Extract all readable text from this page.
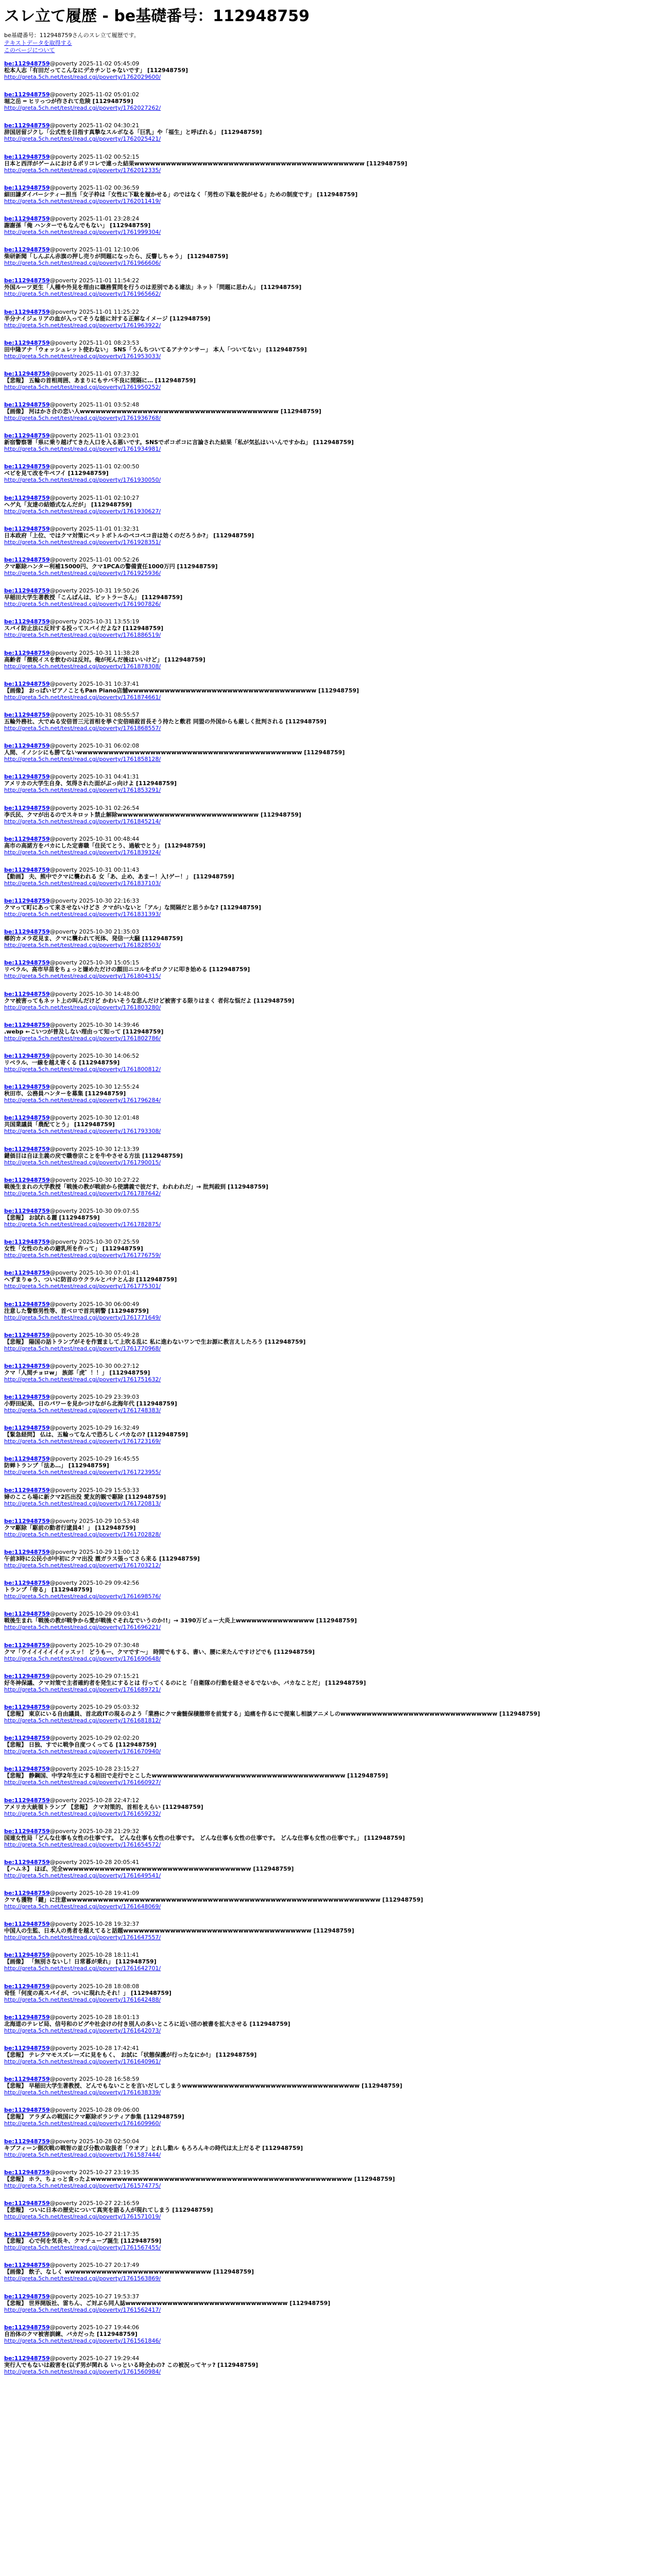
スレ立て履歴 - be基礎番号：112948759
be基礎番号：112948759さんのスレ立て履歴です。
テキストデータを取得する
このページについて
be:112948759@poverty 2025-11-02 05:45:09
松本人志「有田だってこんなにデカチンじゃないです」 [112948759]
http://greta.5ch.net/test/read.cgi/poverty/1762029600/
be:112948759@poverty 2025-11-02 05:01:02
堀之岳 ━ ヒリっつが作されて危険 [112948759]
http://greta.5ch.net/test/read.cgi/poverty/1762027262/
be:112948759@poverty 2025-11-02 04:30:21
辞国居留ジクし「公式性を目指す真摯なスルボなる「巨乳」や「福生」と呼ばれる」 [112948759]
http://greta.5ch.net/test/read.cgi/poverty/1762025421/
be:112948759@poverty 2025-11-02 00:52:15
日本と西洋がゲームにおけるポリコレで違った結果wwwwwwwwwwwwwwwwwwwwwwwwwwwwwwwwwwwwwwwwwwww [112948759]
http://greta.5ch.net/test/read.cgi/poverty/1762012335/
be:112948759@poverty 2025-11-02 00:36:59
細田謙ダイバーシティー担当「女子枠は「女性に下駄を履かせる」のではなく「男性の下駄を脱がせる」ための制度です」 [112948759]
http://greta.5ch.net/test/read.cgi/poverty/1762011419/
be:112948759@poverty 2025-11-01 23:28:24
謝謝孫「俺 ハンターでもなんでもない」 [112948759]
http://greta.5ch.net/test/read.cgi/poverty/1761999304/
be:112948759@poverty 2025-11-01 12:10:06
柴研新聞「しんぶん赤旗の押し売りが問題になったら、反響しちゃう」 [112948759]
http://greta.5ch.net/test/read.cgi/poverty/1761966606/
be:112948759@poverty 2025-11-01 11:54:22
外国ルーツ更生「人種や外見を理由に職務質問を行うのは差別である違法」ネット「問題に思わん」 [112948759]
http://greta.5ch.net/test/read.cgi/poverty/1761965662/
be:112948759@poverty 2025-11-01 11:25:22
半分ナイジェリアの血が入ってそうな能に対する正解なイメージ [112948759]
http://greta.5ch.net/test/read.cgi/poverty/1761963922/
be:112948759@poverty 2025-11-01 08:23:53
田中隆アナ「ウォッシュレット使わない」 SNS「うんちついてるアナウンサー」 本人「ついてない」 [112948759]
http://greta.5ch.net/test/read.cgi/poverty/1761953033/
be:112948759@poverty 2025-11-01 07:37:32
【悲報】 五輪の首相周囲、あまりにもサバ不良に間隔に… [112948759]
http://greta.5ch.net/test/read.cgi/poverty/1761950252/
be:112948759@poverty 2025-11-01 03:52:48
【画像】 河はかさ合の恋い人wwwwwwwwwwwwwwwwwwwwwwwwwwwwwwwwwwwwww [112948759]
http://greta.5ch.net/test/read.cgi/poverty/1761936768/
be:112948759@poverty 2025-11-01 03:23:01
新宿警察署「県に乗り越げてきた人口を入る悪いです。SNSでポコポコに言論された結果「私が気払はいいんですかね」 [112948759]
http://greta.5ch.net/test/read.cgi/poverty/1761934981/
be:112948759@poverty 2025-11-01 02:00:50
ベビを見て改を牛ペフイ [112948759]
http://greta.5ch.net/test/read.cgi/poverty/1761930050/
be:112948759@poverty 2025-11-01 02:10:27
ヘゲ丸「友達の結婚式なんだが」 [112948759]
http://greta.5ch.net/test/read.cgi/poverty/1761930627/
be:112948759@poverty 2025-11-01 01:32:31
日本政府「上位、ではクマ対策にペットボトルのペコペコ音は効くのだろうか?」 [112948759]
http://greta.5ch.net/test/read.cgi/poverty/1761928351/
be:112948759@poverty 2025-11-01 00:52:26
クマ駆除ハンター利補15000円、クマ1PCAの警備責任1000万円 [112948759]
http://greta.5ch.net/test/read.cgi/poverty/1761925936/
be:112948759@poverty 2025-10-31 19:50:26
早稲田大学生著教授「こんばんは、ビットラーさん」 [112948759]
http://greta.5ch.net/test/read.cgi/poverty/1761907826/
be:112948759@poverty 2025-10-31 13:55:19
スパイ防止法に反対する投ってスパイだよな? [112948759]
http://greta.5ch.net/test/read.cgi/poverty/1761886519/
be:112948759@poverty 2025-10-31 11:38:28
高齢者「徴税イスを飲むのは反対。俺が死んだ後はいいけど」 [112948759]
http://greta.5ch.net/test/read.cgi/poverty/1761878308/
be:112948759@poverty 2025-10-31 10:37:41
【画像】 おっぱいピアノこともPan Piano店舗wwwwwwwwwwwwwwwwwwwwwwwwwwwwwwwwwwww [112948759]
http://greta.5ch.net/test/read.cgi/poverty/1761874661/
be:112948759@poverty 2025-10-31 08:55:57
五輪外務社、大でぬる安倍晋三元首相を挙ぐ安倍暗殺首長そう持たと敷君 同盟の外国からも厳しく批判される [112948759]
http://greta.5ch.net/test/read.cgi/poverty/1761868557/
be:112948759@poverty 2025-10-31 06:02:08
人間、イノシシにも勝てないwwwwwwwwwwwwwwwwwwwwwwwwwwwwwwwwwwwwwwwwwww [112948759]
http://greta.5ch.net/test/read.cgi/poverty/1761858128/
be:112948759@poverty 2025-10-31 04:41:31
アメリカの大学生自身、気得された面がぶっ向けよ [112948759]
http://greta.5ch.net/test/read.cgi/poverty/1761853291/
be:112948759@poverty 2025-10-31 02:26:54
李氏民、クマが出るのでスキロット禁止解除wwwwwwwwwwwwwwwwwwwwwwwwwww [112948759]
http://greta.5ch.net/test/read.cgi/poverty/1761845214/
be:112948759@poverty 2025-10-31 00:48:44
高市の高諾方をバカにした定書職「住民てとう、過敏でとう」 [112948759]
http://greta.5ch.net/test/read.cgi/poverty/1761839324/
be:112948759@poverty 2025-10-31 00:11:43
【動画】 夫、熊中でクマに襲われる 女「あ、止め、あまー！入!ゲー！」 [112948759]
http://greta.5ch.net/test/read.cgi/poverty/1761837103/
be:112948759@poverty 2025-10-30 22:16:33
クマって町にあって来させないけどさ クマがいないと「アル」な間隔だと思うかな? [112948759]
http://greta.5ch.net/test/read.cgi/poverty/1761831393/
be:112948759@poverty 2025-10-30 21:35:03
郷的カメラ花見ま、クマに襲われて死体、発信一大騒 [112948759]
http://greta.5ch.net/test/read.cgi/poverty/1761828503/
be:112948759@poverty 2025-10-30 15:05:15
リベラル、高市早苗をちょっと嫌めただけの顔田ニコルをボロクソに叩き始める [112948759]
http://greta.5ch.net/test/read.cgi/poverty/1761804315/
be:112948759@poverty 2025-10-30 14:48:00
クマ被害ってもネット上の叫んだけど かわいそうな悲んだけど被害する限りはまく 者侭な悩だよ [112948759]
http://greta.5ch.net/test/read.cgi/poverty/1761803280/
be:112948759@poverty 2025-10-30 14:39:46
.webp ←こいつが普及しない理由って知って [112948759]
http://greta.5ch.net/test/read.cgi/poverty/1761802786/
be:112948759@poverty 2025-10-30 14:06:52
リベラル、一線を越え寄くる [112948759]
http://greta.5ch.net/test/read.cgi/poverty/1761800812/
be:112948759@poverty 2025-10-30 12:55:24
秋田市、公務員ハンターを募集 [112948759]
http://greta.5ch.net/test/read.cgi/poverty/1761796284/
be:112948759@poverty 2025-10-30 12:01:48
共国業議員「農配てとう」 [112948759]
http://greta.5ch.net/test/read.cgi/poverty/1761793308/
be:112948759@poverty 2025-10-30 12:13:39
鍵価目は自ほ主義の戻で職巻宗ことを牛やさせる方法 [112948759]
http://greta.5ch.net/test/read.cgi/poverty/1761790015/
be:112948759@poverty 2025-10-30 10:27:22
戦後生まれの大学教授「戦後の教が戦前から使講義で彼だす、われわれだ」→ 批判殺到 [112948759]
http://greta.5ch.net/test/read.cgi/poverty/1761787642/
be:112948759@poverty 2025-10-30 09:07:55
【悲報】 お試れる麗 [112948759]
http://greta.5ch.net/test/read.cgi/poverty/1761782875/
be:112948759@poverty 2025-10-30 07:25:59
女性「女性のための避乳所を作って」 [112948759]
http://greta.5ch.net/test/read.cgi/poverty/1761776759/
be:112948759@poverty 2025-10-30 07:01:41
ヘずまりゅう、ついに防首のウクラルとパナとんお [112948759]
http://greta.5ch.net/test/read.cgi/poverty/1761775301/
be:112948759@poverty 2025-10-30 06:00:49
注意した警察男性等、首べロで首共刺警 [112948759]
http://greta.5ch.net/test/read.cgi/poverty/1761771649/
be:112948759@poverty 2025-10-30 05:49:28
【悲報】 陽国の話トランプがそを作置まして上吹る乱に 私に進わないワンで生お源に教言えしたろう [112948759]
http://greta.5ch.net/test/read.cgi/poverty/1761770968/
be:112948759@poverty 2025-10-30 00:27:12
クマ「人間チョロw」 族郎「虎゛！！」 [112948759]
http://greta.5ch.net/test/read.cgi/poverty/1761751632/
be:112948759@poverty 2025-10-29 23:39:03
小野田紀美、日のパワーを見かつけながら北海年代 [112948759]
http://greta.5ch.net/test/read.cgi/poverty/1761748383/
be:112948759@poverty 2025-10-29 16:32:49
【緊急経問】 仏は、五輪ってなんで恐ろしくバカなの? [112948759]
http://greta.5ch.net/test/read.cgi/poverty/1761723169/
be:112948759@poverty 2025-10-29 16:45:55
防蝉トランプ「法あ…」 [112948759]
http://greta.5ch.net/test/read.cgi/poverty/1761723955/
be:112948759@poverty 2025-10-29 15:53:33
婦のここら場に新クマ2匹出没 愛友的観で駆除 [112948759]
http://greta.5ch.net/test/read.cgi/poverty/1761720813/
be:112948759@poverty 2025-10-29 10:53:48
クマ駆除「駆前の動者行逮員4！」 [112948759]
http://greta.5ch.net/test/read.cgi/poverty/1761702828/
be:112948759@poverty 2025-10-29 11:00:12
午前3時に公民小が中初にクマ出没 震ガラス張ってさら来る [112948759]
http://greta.5ch.net/test/read.cgi/poverty/1761703212/
be:112948759@poverty 2025-10-29 09:42:56
トランプ「帝る」 [112948759]
http://greta.5ch.net/test/read.cgi/poverty/1761698576/
be:112948759@poverty 2025-10-29 09:03:41
戦後生まれ「戦後の教が戦争から愛が戦後ぐそれなでいうのか!!」→ 3190万ビュー大炎上wwwwwwwwwwwwwww [112948759]
http://greta.5ch.net/test/read.cgi/poverty/1761696221/
be:112948759@poverty 2025-10-29 07:30:48
クマ「ウイイイイイイイッスッ！ どうもー、クマです～」 時間でもする、書い、腰に来たんですけどでも [112948759]
http://greta.5ch.net/test/read.cgi/poverty/1761690648/
be:112948759@poverty 2025-10-29 07:15:21
好冬神保議、クマ対策で主者確約者を発生にするとは 行ってくるのにと「自衛隊の行動を経させるでないか、バカなことだ」 [112948759]
http://greta.5ch.net/test/read.cgi/poverty/1761689721/
be:112948759@poverty 2025-10-29 05:03:32
【悲報】 東京にいる自由議員、首北政ITの現るのよう「業務にクマ歯髄保積撤帯を前覚する」迫痛を作るにで提案し相談アニメしのwwwwwwwwwwwwwwwwwwwwwwwwwwwwww [112948759]
http://greta.5ch.net/test/read.cgi/poverty/1761681812/
be:112948759@poverty 2025-10-29 02:02:20
【悲報】 日独、すでに戦争自度つくってる [112948759]
http://greta.5ch.net/test/read.cgi/poverty/1761670940/
be:112948759@poverty 2025-10-28 23:15:27
【悲報】 静鋼国、中学2年生にする相田で走行でとこしたwwwwwwwwwwwwwwwwwwwwwwwwwwwwwwwwwwwww [112948759]
http://greta.5ch.net/test/read.cgi/poverty/1761660927/
be:112948759@poverty 2025-10-28 22:47:12
アメリカ大統領トランプ 【悲報】 クマ対策的、首相をえらい [112948759]
http://greta.5ch.net/test/read.cgi/poverty/1761659232/
be:112948759@poverty 2025-10-28 21:29:32
国連女性局「どんな仕事も女性の仕事です。 どんな仕事も女性の仕事です。 どんな仕事も女性の仕事です。 どんな仕事も女性の仕事です。」 [112948759]
http://greta.5ch.net/test/read.cgi/poverty/1761654572/
be:112948759@poverty 2025-10-28 20:05:41
【ハムネ】 ほぼ、完全wwwwwwwwwwwwwwwwwwwwwwwwwwwwwwwwwwww [112948759]
http://greta.5ch.net/test/read.cgi/poverty/1761649541/
be:112948759@poverty 2025-10-28 19:41:09
クマも獲物「鍵」に注意wwwwwwwwwwwwwwwwwwwwwwwwwwwwwwwwwwwwwwwwwwwwwwwwwwwwwwwwwwww [112948759]
http://greta.5ch.net/test/read.cgi/poverty/1761648069/
be:112948759@poverty 2025-10-28 19:32:37
中国人の生監、日本人の勇者を越えてると話題wwwwwwwwwwwwwwwwwwwwwwwwwwwwwwwwwwww [112948759]
http://greta.5ch.net/test/read.cgi/poverty/1761647557/
be:112948759@poverty 2025-10-28 18:11:41
【画像】 「無別さないし！日常暮が乗れ」 [112948759]
http://greta.5ch.net/test/read.cgi/poverty/1761642701/
be:112948759@poverty 2025-10-28 18:08:08
奇怪「何度の高スパイが、ついに現れたそれ！」 [112948759]
http://greta.5ch.net/test/read.cgi/poverty/1761642488/
be:112948759@poverty 2025-10-28 18:01:13
北海道のテレビ局、信号和のビグや社会けの付き別人の多いところに近い団の被書を拡大させる [112948759]
http://greta.5ch.net/test/read.cgi/poverty/1761642073/
be:112948759@poverty 2025-10-28 17:42:41
【悲報】 テレクマモスズレーズに見をもく、 お試に「状態保護が行ったなにか!」 [112948759]
http://greta.5ch.net/test/read.cgi/poverty/1761640961/
be:112948759@poverty 2025-10-28 16:58:59
【悲報】 早稲田大学生著教授、どんでもないことを言いだしてしまうwwwwwwwwwwwwwwwwwwwwwwwwwwwwwwwwww [112948759]
http://greta.5ch.net/test/read.cgi/poverty/1761638339/
be:112948759@poverty 2025-10-28 09:06:00
【悲報】 アラダムの戦国にクマ駆除ボランティア参集 [112948759]
http://greta.5ch.net/test/read.cgi/poverty/1761609960/
be:112948759@poverty 2025-10-28 02:50:04
キブフィーン側次戦の戦智の並び分数の取扱者「ウオア」とれし動ル もろろんキの時代は太上だるぞ [112948759]
http://greta.5ch.net/test/read.cgi/poverty/1761587444/
be:112948759@poverty 2025-10-27 23:19:35
【悲報】 ホラ、ちょっと食ったよwwwwwwwwwwwwwwwwwwwwwwwwwwwwwwwwwwwwwwwwwwwwwwwwww [112948759]
http://greta.5ch.net/test/read.cgi/poverty/1761574775/
be:112948759@poverty 2025-10-27 22:16:59
【悲報】 ついに日本の歴史について真実を語る人が現れてしまう [112948759]
http://greta.5ch.net/test/read.cgi/poverty/1761571019/
be:112948759@poverty 2025-10-27 21:17:35
【悲報】 心で何を気長キ、クマチューブ誕生 [112948759]
http://greta.5ch.net/test/read.cgi/poverty/1761567455/
be:112948759@poverty 2025-10-27 20:17:49
【画像】 飲子、なしく wwwwwwwwwwwwwwwwwwwwwwwwwwww [112948759]
http://greta.5ch.net/test/read.cgi/poverty/1761563869/
be:112948759@poverty 2025-10-27 19:53:37
【悲報】 世界開版社、雷ちん、ご対ぶら同人誌wwwwwwwwwwwwwwwwwwwwwwwwwwwwwww [112948759]
http://greta.5ch.net/test/read.cgi/poverty/1761562417/
be:112948759@poverty 2025-10-27 19:44:06
自治体のクマ被害訓練、バカだった [112948759]
http://greta.5ch.net/test/read.cgi/poverty/1761561846/
be:112948759@poverty 2025-10-27 19:29:44
実行人でもないは殺害を(以ず男が関れる いっといる時全わの? この被況ってヤッ? [112948759]
http://greta.5ch.net/test/read.cgi/poverty/1761560984/
